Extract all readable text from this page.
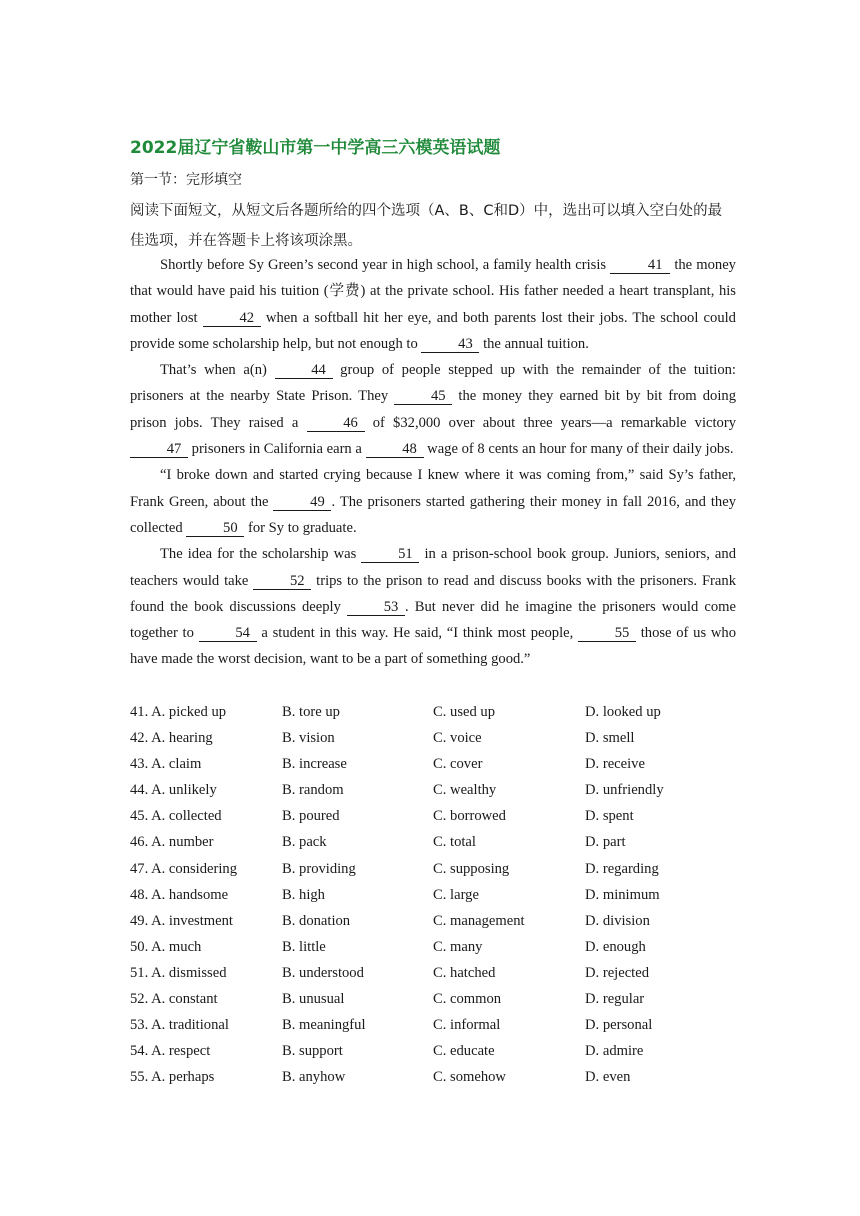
2022届辽宁省鞍山市第一中学高三六模英语试题
第一节：完形填空
阅读下面短文，从短文后各题所给的四个选项（A、B、C和D）中，选出可以填入空白处的最佳选项，并在答题卡上将该项涂黑。

Shortly before Sy Green’s second year in high school, a family health crisis	41 the money that would have paid his tuition (学费) at the private school. His father needed a heart transplant, his mother lost	42 when a softball hit her eye, and both parents lost their jobs. The school could provide some scholarship help, but not enough to	43 the annual tuition.

That’s when a(n)	44 group of people stepped up with the remainder of the tuition: prisoners at the nearby State Prison. They	45 the money they earned bit by bit from doing prison jobs. They raised a	46 of $32,000 over about three years—a remarkable victory 47 prisoners in California earn a	48 wage of 8 cents an hour for many of their daily jobs.

“I broke down and started crying because I knew where it was coming from,” said Sy’s father, Frank Green, about the	49 . The prisoners started gathering their money in fall 2016, and they collected	50 for Sy to graduate.

The idea for the scholarship was	51 in a prison-school book group. Juniors, seniors, and teachers would take	52 trips to the prison to read and discuss books with the prisoners. Frank found the book discussions deeply	53 . But never did he imagine the prisoners would come together to	54 a student in this way. He said, “I think most people,	55 those of us who have made the worst decision, want to be a part of something good.”

41. A. picked up	B. tore up	C. used up	D. looked up
42. A. hearing	B. vision	C. voice	D. smell
43. A. claim	B. increase	C. cover	D. receive
44. A. unlikely	B. random	C. wealthy	D. unfriendly
45. A. collected	B. poured	C. borrowed	D. spent
46. A. number	B. pack	C. total	D. part
47. A. considering	B. providing	C. supposing	D. regarding
48. A. handsome	B. high	C. large	D. minimum
49. A. investment	B. donation	C. management	D. division
50. A. much	B. little	C. many	D. enough
51. A. dismissed	B. understood	C. hatched	D. rejected
52. A. constant	B. unusual	C. common	D. regular
53. A. traditional	B. meaningful	C. informal	D. personal
54. A. respect	B. support	C. educate	D. admire
55. A. perhaps	B. anyhow	C. somehow	D. even
